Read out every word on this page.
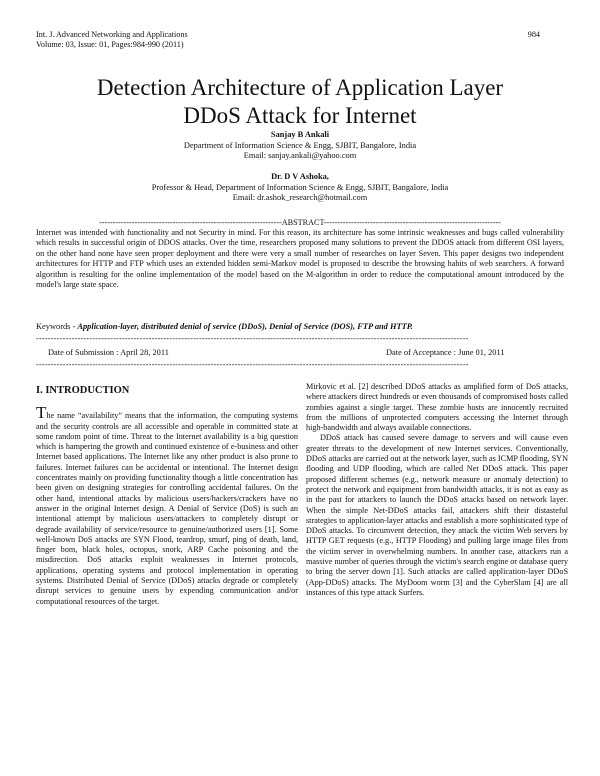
Int. J. Advanced Networking and Applications
Volume: 03, Issue: 01, Pages:984-990 (2011)
984
Detection Architecture of Application Layer
DDoS Attack for Internet
Sanjay B Ankali
Department of Information Science & Engg, SJBIT, Bangalore, India
Email: sanjay.ankali@yahoo.com
Dr. D V Ashoka,
Professor & Head, Department of Information Science & Engg, SJBIT, Bangalore, India
Email: dr.ashok_research@hotmail.com
-------------------------------------------------------------------ABSTRACT-----------------------------------------------------------------
Internet was intended with functionality and not Security in mind. For this reason, its architecture has some intrinsic weaknesses and bugs called vulnerability which results in successful origin of DDOS attacks. Over the time, researchers proposed many solutions to prevent the DDOS attack from different OSI layers, on the other hand none have seen proper deployment and there were very a small number of researches on layer Seven. This paper designs two independent architectures for HTTP and FTP which uses an extended hidden semi-Markov model is proposed to describe the browsing habits of web searchers. A forward algorithm is resulting for the online implementation of the model based on the M-algorithm in order to reduce the computational amount introduced by the model's large state space.
Keywords - Application-layer, distributed denial of service (DDoS), Denial of Service (DOS), FTP and HTTP.
--------------------------------------------------------------------------------------------------------------------------------------------------
Date of Submission : April 28, 2011	Date of Acceptance : June 01, 2011
--------------------------------------------------------------------------------------------------------------------------------------------------
I. INTRODUCTION

The name “availability” means that the information, the computing systems and the security controls are all accessible and operable in committed state at some random point of time. Threat to the Internet availability is a big question which is hampering the growth and continued existence of e-business and other Internet based applications. The Internet like any other product is also prone to failures. Internet failures can be accidental or intentional. The Internet design concentrates mainly on providing functionality though a little concentration has been given on designing strategies for controlling accidental failures. On the other hand, intentional attacks by malicious users/hackers/crackers have no answer in the original Internet design. A Denial of Service (DoS) is such an intentional attempt by malicious users/attackers to completely disrupt or degrade availability of service/resource to genuine/authorized users [1]. Some well-known DoS attacks are SYN Flood, teardrop, smurf, ping of death, land, finger bom, black holes, octopus, snork, ARP Cache poisoning and the misdirection. DoS attacks exploit weaknesses in Internet protocols, applications, operating systems and protocol implementation in operating systems. Distributed Denial of Service (DDoS) attacks degrade or completely disrupt services to genuine users by expending communication and/or computational resources of the target.

Mirkovic et al. [2] described DDoS attacks as amplified form of DoS attacks, where attackers direct hundreds or even thousands of compromised hosts called zombies against a single target. These zombie hosts are innocently recruited from the millions of unprotected computers accessing the Internet through high-bandwidth and always available connections.

DDoS attack has caused severe damage to servers and will cause even greater threats to the development of new Internet services. Conventionally, DDoS attacks are carried out at the network layer, such as ICMP flooding, SYN flooding and UDP flooding, which are called Net DDoS attack. This paper proposed different schemes (e.g., network measure or anomaly detection) to protect the network and equipment from bandwidth attacks, it is not as easy as in the past for attackers to launch the DDoS attacks based on network layer. When the simple Net-DDoS attacks fail, attackers shift their distasteful strategies to application-layer attacks and establish a more sophisticated type of DDoS attacks. To circumvent detection, they attack the victim Web servers by HTTP GET requests (e.g., HTTP Flooding) and pulling large image files from the victim server in overwhelming numbers. In another case, attackers run a massive number of queries through the victim's search engine or database query to bring the server down [1]. Such attacks are called application-layer DDoS (App-DDoS) attacks. The MyDoom worm [3] and the CyberSlam [4] are all instances of this type attack Surfers.
